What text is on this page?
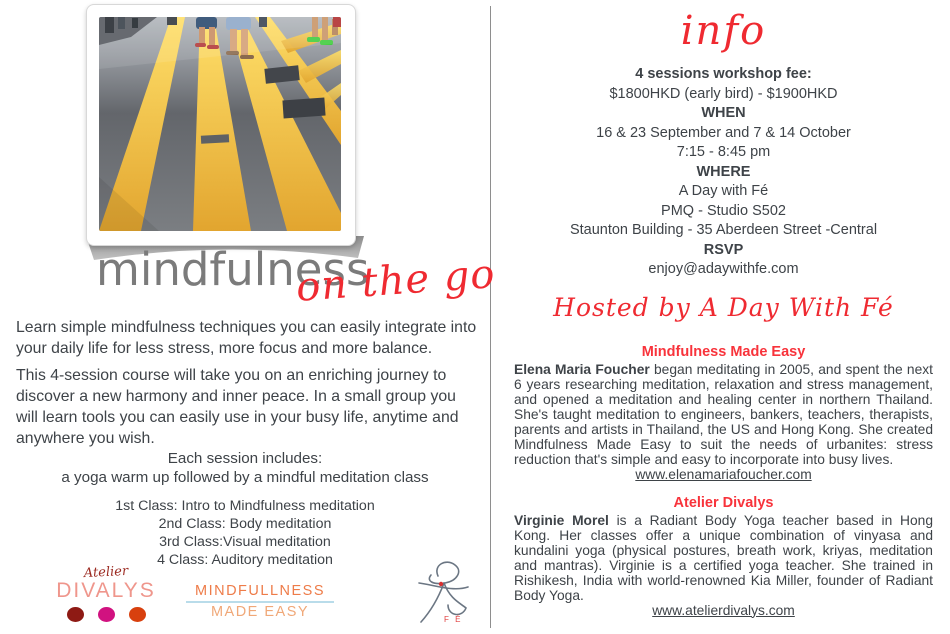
mindfulness
on the go

Learn simple mindfulness techniques you can easily integrate into your daily life for less stress, more focus and more balance.

This 4-session course will take you on an enriching journey to discover a new harmony and inner peace. In a small group you will learn tools you can easily use in your busy life, anytime and anywhere you wish.

Each session includes:
a yoga warm up followed by a mindful meditation class
1st Class: Intro to Mindfulness meditation
2nd Class: Body meditation
3rd Class:Visual meditation
4 Class: Auditory meditation
Atelier
DIVALYS	MINDFULLNESS
MADE EASY	F É
info
4 sessions workshop fee:
$1800HKD (early bird) - $1900HKD
WHEN
16 & 23 September and 7 & 14 October
7:15 - 8:45 pm
WHERE
A Day with Fé
PMQ - Studio S502
Staunton Building - 35 Aberdeen Street -Central
RSVP
enjoy@adaywithfe.com
Hosted by A Day With Fé
Mindfulness Made Easy

Elena Maria Foucher began meditating in 2005, and spent the next 6 years researching meditation, relaxation and stress management, and opened a meditation and healing center in northern Thailand. She's taught meditation to engineers, bankers, teachers, therapists, parents and artists in Thailand, the US and Hong Kong. She created Mindfulness Made Easy to suit the needs of urbanites: stress reduction that's simple and easy to incorporate into busy lives.

www.elenamariafoucher.com
Atelier Divalys

Virginie Morel is a Radiant Body Yoga teacher based in Hong Kong. Her classes offer a unique combination of vinyasa and kundalini yoga (physical postures, breath work, kriyas, meditation and mantras). Virginie is a certified yoga teacher. She trained in Rishikesh, India with world-renowned Kia Miller, founder of Radiant Body Yoga.

www.atelierdivalys.com
